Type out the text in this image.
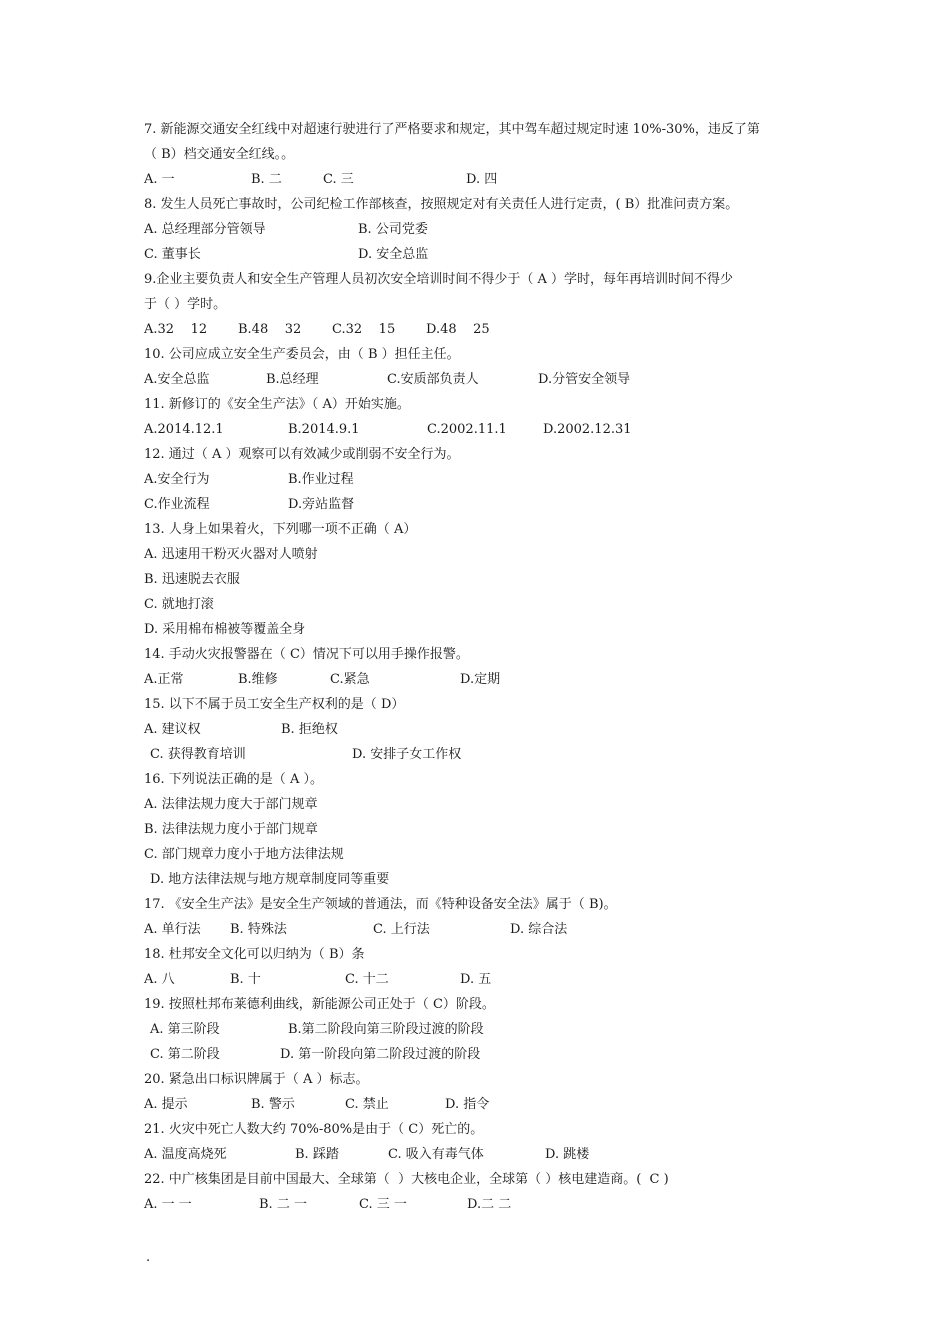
7. 新能源交通安全红线中对超速行驶进行了严格要求和规定，其中驾车超过规定时速 10%-30%，违反了第
（ B）档交通安全红线。。
A. 一	B. 二	C. 三	D. 四
8. 发生人员死亡事故时，公司纪检工作部核查，按照规定对有关责任人进行定责，( B）批准问责方案。
A. 总经理部分管领导	B. 公司党委
C. 董事长	D. 安全总监
9.企业主要负责人和安全生产管理人员初次安全培训时间不得少于（ A ）学时，每年再培训时间不得少
于（ ）学时。
A.32    12 B.48    32 C.32    15 D.48    25
10. 公司应成立安全生产委员会，由（ B ）担任主任。
A.安全总监	B.总经理	C.安质部负责人	D.分管安全领导
11. 新修订的《安全生产法》（ A）开始实施。
A.2014.12.1	B.2014.9.1	C.2002.11.1	D.2002.12.31
12. 通过（ A ）观察可以有效减少或削弱不安全行为。
A.安全行为	B.作业过程
C.作业流程	D.旁站监督
13. 人身上如果着火，下列哪一项不正确（ A）
A. 迅速用干粉灭火器对人喷射
B. 迅速脱去衣服
C. 就地打滚
D. 采用棉布棉被等覆盖全身
14. 手动火灾报警器在（ C）情况下可以用手操作报警。
A.正常	B.维修	C.紧急	D.定期
15. 以下不属于员工安全生产权利的是（ D）
A. 建议权	B. 拒绝权
C. 获得教育培训	D. 安排子女工作权
16. 下列说法正确的是（ A ）。
A. 法律法规力度大于部门规章
B. 法律法规力度小于部门规章
C. 部门规章力度小于地方法律法规
D. 地方法律法规与地方规章制度同等重要
17. 《安全生产法》是安全生产领域的普通法，而《特种设备安全法》属于（ B)。
A. 单行法 B. 特殊法	C. 上行法	D. 综合法
18. 杜邦安全文化可以归纳为（ B）条
A. 八	B. 十	C. 十二	D. 五
19. 按照杜邦布莱德利曲线，新能源公司正处于（ C）阶段。
A. 第三阶段	B.第二阶段向第三阶段过渡的阶段
C. 第二阶段	D. 第一阶段向第二阶段过渡的阶段
20. 紧急出口标识牌属于（ A ）标志。
A. 提示	B. 警示	C. 禁止	D. 指令
21. 火灾中死亡人数大约 70%-80%是由于（ C）死亡的。
A. 温度高烧死	B. 踩踏	C. 吸入有毒气体	D. 跳楼
22. 中广核集团是目前中国最大、全球第（  ）大核电企业，全球第（ ）核电建造商。(  C )
A. 一 一	B. 二 一	C. 三 一	D.二 二
.
